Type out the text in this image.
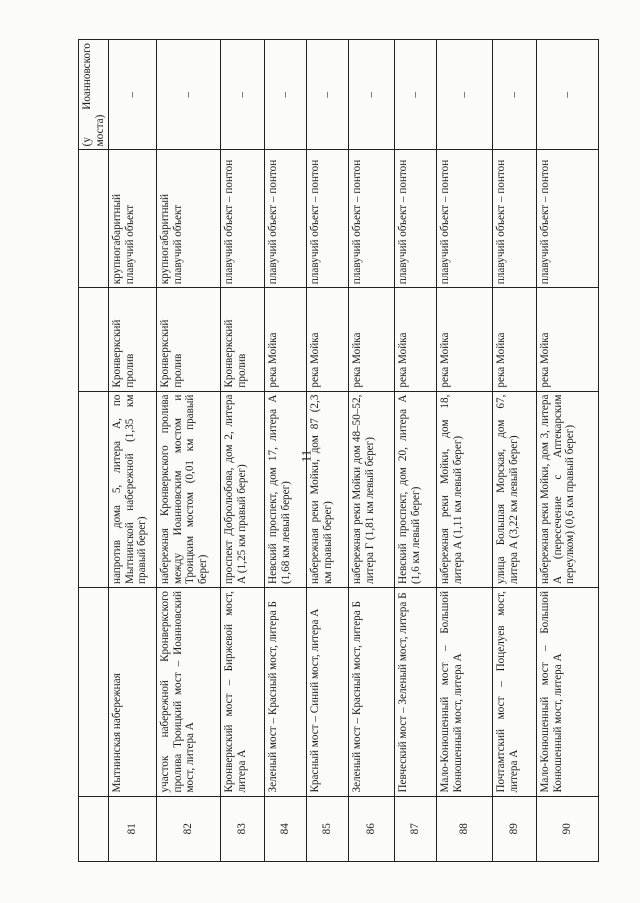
11
					(у Иоанновского моста)
81	Мытнинская набережная	напротив дома 5, литера А, по Мытнинской набережной (1,35 км правый берег)	Кронверкский пролив	крупногабаритный плавучий объект	–
82	участок набережной Кронверкского пролива Троицкий мост – Иоанновский мост, литера А	набережная Кронверкского пролива между Иоанновским мостом и Троицким мостом (0,01 км правый берег)	Кронверкский пролив	крупногабаритный плавучий объект	–
83	Кронверкский мост – Биржевой мост, литера А	проспект Добролюбова, дом 2, литера А (1,25 км правый берег)	Кронверкский пролив	плавучий объект – понтон	–
84	Зеленый мост – Красный мост, литера Б	Невский проспект, дом 17, литера А (1,68 км левый берег)	река Мойка	плавучий объект – понтон	–
85	Красный мост – Синий мост, литера А	набережная реки Мойки, дом 87 (2,3 км правый берег)	река Мойка	плавучий объект – понтон	–
86	Зеленый мост – Красный мост, литера Б	набережная реки Мойки дом 48–50–52, литера Г (1,81 км левый берег)	река Мойка	плавучий объект – понтон	–
87	Певческий мост – Зеленый мост, литера Б	Невский проспект, дом 20, литера А (1,6 км левый берег)	река Мойка	плавучий объект – понтон	–
88	Мало-Конюшенный мост – Большой Конюшенный мост, литера А	набережная реки Мойки, дом 18, литера А (1,11 км левый берег)	река Мойка	плавучий объект – понтон	–
89	Почтамтский мост – Поцелуев мост, литера А	улица Большая Морская, дом 67, литера А (3,22 км левый берег)	река Мойка	плавучий объект – понтон	–
90	Мало-Конюшенный мост – Большой Конюшенный мост, литера А	набережная реки Мойки, дом 3, литера А (пересечение с Аптекарским переулком) (0,6 км правый берег)	река Мойка	плавучий объект – понтон	–
